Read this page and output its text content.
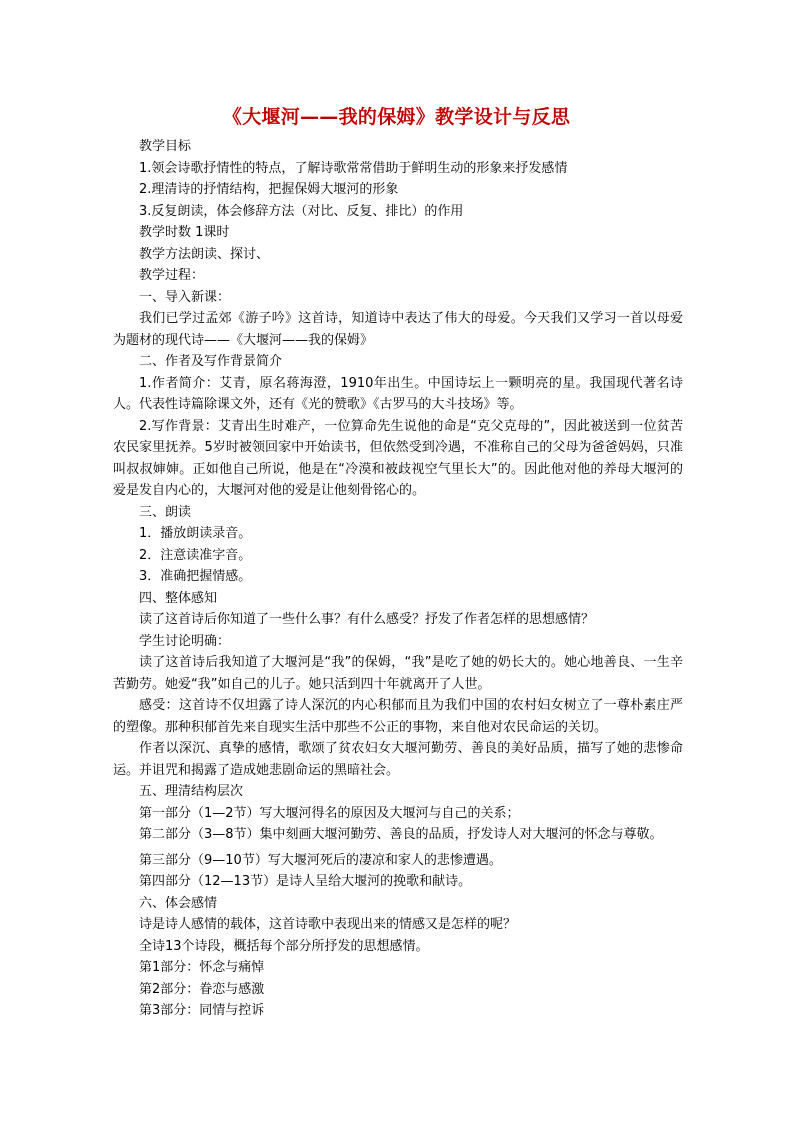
《大堰河——我的保姆》教学设计与反思

教学目标

1.领会诗歌抒情性的特点，了解诗歌常常借助于鲜明生动的形象来抒发感情

2.理清诗的抒情结构，把握保姆大堰河的形象

3.反复朗读，体会修辞方法（对比、反复、排比）的作用

教学时数 1课时

教学方法朗读、探讨、

教学过程：

一、导入新课：

我们已学过孟郊《游子吟》这首诗，知道诗中表达了伟大的母爱。今天我们又学习一首以母爱为题材的现代诗——《大堰河——我的保姆》

二、作者及写作背景简介

1.作者简介：艾青，原名蒋海澄，1910年出生。中国诗坛上一颗明亮的星。我国现代著名诗人。代表性诗篇除课文外，还有《光的赞歌》《古罗马的大斗技场》等。

2.写作背景：艾青出生时难产，一位算命先生说他的命是“克父克母的”，因此被送到一位贫苦农民家里抚养。5岁时被领回家中开始读书，但依然受到冷遇，不准称自己的父母为爸爸妈妈，只准叫叔叔婶婶。正如他自己所说，他是在“冷漠和被歧视空气里长大”的。因此他对他的养母大堰河的爱是发自内心的，大堰河对他的爱是让他刻骨铭心的。

三、朗读

1．播放朗读录音。

2．注意读准字音。

3．准确把握情感。

四、整体感知

读了这首诗后你知道了一些什么事？有什么感受？抒发了作者怎样的思想感情？

学生讨论明确：

读了这首诗后我知道了大堰河是“我”的保姆，“我”是吃了她的奶长大的。她心地善良、一生辛苦勤劳。她爱“我”如自己的儿子。她只活到四十年就离开了人世。

感受：这首诗不仅坦露了诗人深沉的内心积郁而且为我们中国的农村妇女树立了一尊朴素庄严的塑像。那种积郁首先来自现实生活中那些不公正的事物，来自他对农民命运的关切。

作者以深沉、真挚的感情，歌颂了贫农妇女大堰河勤劳、善良的美好品质，描写了她的悲惨命运。并诅咒和揭露了造成她悲剧命运的黑暗社会。

五、理清结构层次

第一部分（1—2节）写大堰河得名的原因及大堰河与自己的关系；

第二部分（3—8节）集中刻画大堰河勤劳、善良的品质，抒发诗人对大堰河的怀念与尊敬。

第三部分（9—10节）写大堰河死后的凄凉和家人的悲惨遭遇。

第四部分（12—13节）是诗人呈给大堰河的挽歌和献诗。

六、体会感情

诗是诗人感情的载体，这首诗歌中表现出来的情感又是怎样的呢？

全诗13个诗段，概括每个部分所抒发的思想感情。

第1部分：怀念与痛悼

第2部分：眷恋与感激

第3部分：同情与控诉
